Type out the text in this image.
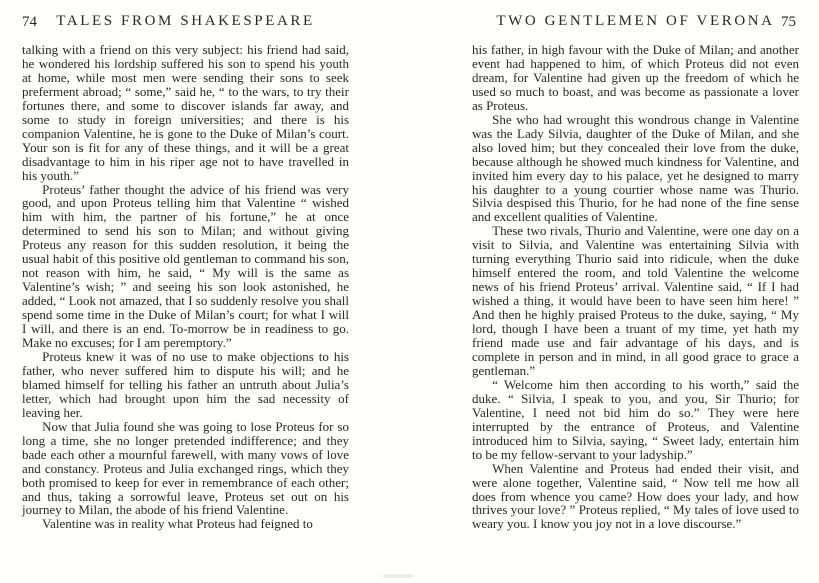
74	TALES FROM SHAKESPEARE

talking with a friend on this very subject: his friend had said, he wondered his lordship suffered his son to spend his youth at home, while most men were sending their sons to seek preferment abroad; “ some,” said he, “ to the wars, to try their fortunes there, and some to discover islands far away, and some to study in foreign universities; and there is his companion Valentine, he is gone to the Duke of Milan’s court. Your son is fit for any of these things, and it will be a great disadvantage to him in his riper age not to have travelled in his youth.”

Proteus’ father thought the advice of his friend was very good, and upon Proteus telling him that Valentine “ wished him with him, the partner of his fortune,” he at once determined to send his son to Milan; and without giving Proteus any reason for this sudden resolution, it being the usual habit of this positive old gentleman to command his son, not reason with him, he said, “ My will is the same as Valentine’s wish; ” and seeing his son look astonished, he added, “ Look not amazed, that I so suddenly resolve you shall spend some time in the Duke of Milan’s court; for what I will I will, and there is an end. To-morrow be in readiness to go. Make no excuses; for I am peremptory.”

Proteus knew it was of no use to make objections to his father, who never suffered him to dispute his will; and he blamed himself for telling his father an untruth about Julia’s letter, which had brought upon him the sad necessity of leaving her.

Now that Julia found she was going to lose Proteus for so long a time, she no longer pretended indifference; and they bade each other a mournful farewell, with many vows of love and constancy. Proteus and Julia exchanged rings, which they both promised to keep for ever in remembrance of each other; and thus, taking a sorrowful leave, Proteus set out on his journey to Milan, the abode of his friend Valentine.

Valentine was in reality what Proteus had feigned to

75
TWO GENTLEMEN OF VERONA

his father, in high favour with the Duke of Milan; and another event had happened to him, of which Proteus did not even dream, for Valentine had given up the freedom of which he used so much to boast, and was become as passionate a lover as Proteus.

She who had wrought this wondrous change in Valentine was the Lady Silvia, daughter of the Duke of Milan, and she also loved him; but they concealed their love from the duke, because although he showed much kindness for Valentine, and invited him every day to his palace, yet he designed to marry his daughter to a young courtier whose name was Thurio. Silvia despised this Thurio, for he had none of the fine sense and excellent qualities of Valentine.

These two rivals, Thurio and Valentine, were one day on a visit to Silvia, and Valentine was entertaining Silvia with turning everything Thurio said into ridicule, when the duke himself entered the room, and told Valentine the welcome news of his friend Proteus’ arrival. Valentine said, “ If I had wished a thing, it would have been to have seen him here! ” And then he highly praised Proteus to the duke, saying, “ My lord, though I have been a truant of my time, yet hath my friend made use and fair advantage of his days, and is complete in person and in mind, in all good grace to grace a gentleman.”

“ Welcome him then according to his worth,” said the duke. “ Silvia, I speak to you, and you, Sir Thurio; for Valentine, I need not bid him do so.” They were here interrupted by the entrance of Proteus, and Valentine introduced him to Silvia, saying, “ Sweet lady, entertain him to be my fellow-servant to your ladyship.”

When Valentine and Proteus had ended their visit, and were alone together, Valentine said, “ Now tell me how all does from whence you came? How does your lady, and how thrives your love? ” Proteus replied, “ My tales of love used to weary you. I know you joy not in a love discourse.”
